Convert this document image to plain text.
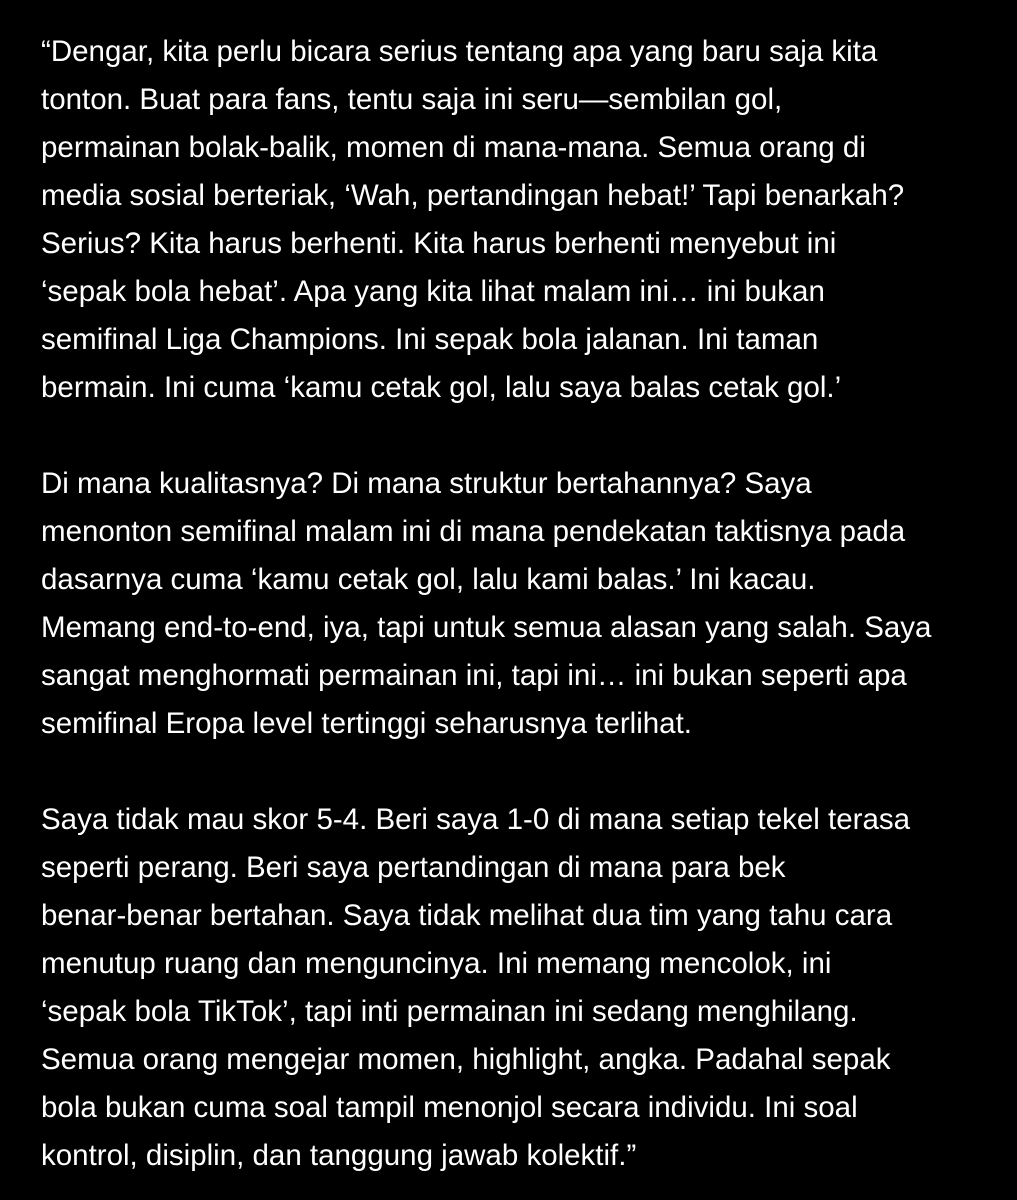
“Dengar, kita perlu bicara serius tentang apa yang baru saja kita
tonton. Buat para fans, tentu saja ini seru—sembilan gol,
permainan bolak-balik, momen di mana-mana. Semua orang di
media sosial berteriak, ‘Wah, pertandingan hebat!’ Tapi benarkah?
Serius? Kita harus berhenti. Kita harus berhenti menyebut ini
‘sepak bola hebat’. Apa yang kita lihat malam ini… ini bukan
semifinal Liga Champions. Ini sepak bola jalanan. Ini taman
bermain. Ini cuma ‘kamu cetak gol, lalu saya balas cetak gol.’
Di mana kualitasnya? Di mana struktur bertahannya? Saya
menonton semifinal malam ini di mana pendekatan taktisnya pada
dasarnya cuma ‘kamu cetak gol, lalu kami balas.’ Ini kacau.
Memang end-to-end, iya, tapi untuk semua alasan yang salah. Saya
sangat menghormati permainan ini, tapi ini… ini bukan seperti apa
semifinal Eropa level tertinggi seharusnya terlihat.
Saya tidak mau skor 5-4. Beri saya 1-0 di mana setiap tekel terasa
seperti perang. Beri saya pertandingan di mana para bek
benar-benar bertahan. Saya tidak melihat dua tim yang tahu cara
menutup ruang dan menguncinya. Ini memang mencolok, ini
‘sepak bola TikTok’, tapi inti permainan ini sedang menghilang.
Semua orang mengejar momen, highlight, angka. Padahal sepak
bola bukan cuma soal tampil menonjol secara individu. Ini soal
kontrol, disiplin, dan tanggung jawab kolektif.”
